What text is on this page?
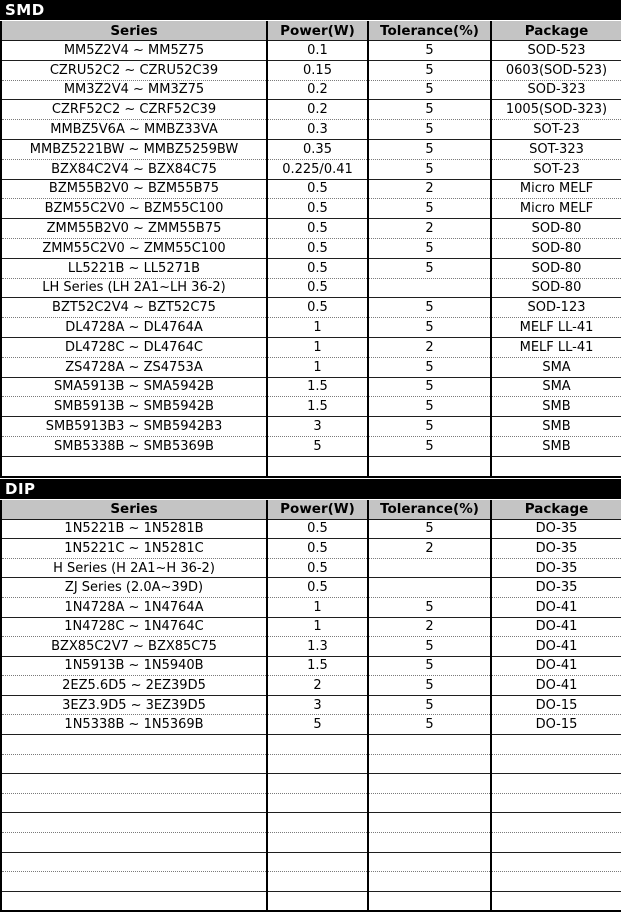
SMD
Series	Power(W)	Tolerance(%)	Package
MM5Z2V4 ~ MM5Z75	0.1	5	SOD-523
CZRU52C2 ~ CZRU52C39	0.15	5	0603(SOD-523)
MM3Z2V4 ~ MM3Z75	0.2	5	SOD-323
CZRF52C2 ~ CZRF52C39	0.2	5	1005(SOD-323)
MMBZ5V6A ~ MMBZ33VA	0.3	5	SOT-23
MMBZ5221BW ~ MMBZ5259BW	0.35	5	SOT-323
BZX84C2V4 ~ BZX84C75	0.225/0.41	5	SOT-23
BZM55B2V0 ~ BZM55B75	0.5	2	Micro MELF
BZM55C2V0 ~ BZM55C100	0.5	5	Micro MELF
ZMM55B2V0 ~ ZMM55B75	0.5	2	SOD-80
ZMM55C2V0 ~ ZMM55C100	0.5	5	SOD-80
LL5221B ~ LL5271B	0.5	5	SOD-80
LH Series (LH 2A1~LH 36-2)	0.5		SOD-80
BZT52C2V4 ~ BZT52C75	0.5	5	SOD-123
DL4728A ~ DL4764A	1	5	MELF LL-41
DL4728C ~ DL4764C	1	2	MELF LL-41
ZS4728A ~ ZS4753A	1	5	SMA
SMA5913B ~ SMA5942B	1.5	5	SMA
SMB5913B ~ SMB5942B	1.5	5	SMB
SMB5913B3 ~ SMB5942B3	3	5	SMB
SMB5338B ~ SMB5369B	5	5	SMB

DIP
Series	Power(W)	Tolerance(%)	Package
1N5221B ~ 1N5281B	0.5	5	DO-35
1N5221C ~ 1N5281C	0.5	2	DO-35
H Series (H 2A1~H 36-2)	0.5		DO-35
ZJ Series (2.0A~39D)	0.5		DO-35
1N4728A ~ 1N4764A	1	5	DO-41
1N4728C ~ 1N4764C	1	2	DO-41
BZX85C2V7 ~ BZX85C75	1.3	5	DO-41
1N5913B ~ 1N5940B	1.5	5	DO-41
2EZ5.6D5 ~ 2EZ39D5	2	5	DO-41
3EZ3.9D5 ~ 3EZ39D5	3	5	DO-15
1N5338B ~ 1N5369B	5	5	DO-15
